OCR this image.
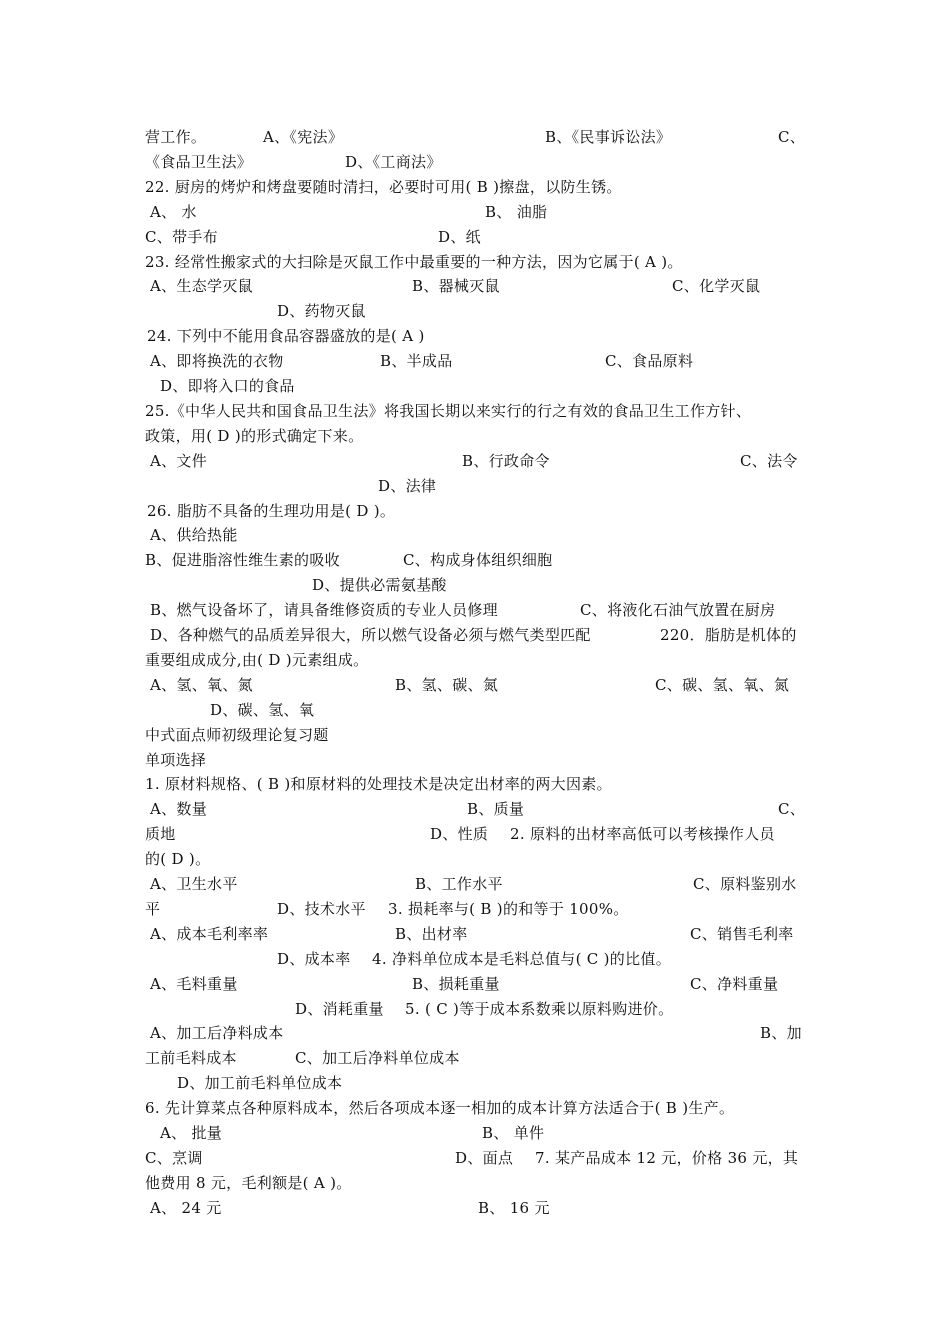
营工作。	A、《宪法》	B、《民事诉讼法》	C、
《食品卫生法》	D、《工商法》
22. 厨房的烤炉和烤盘要随时清扫，必要时可用( B )擦盘，以防生锈。
A、 水	B、 油脂
C、带手布	D、纸
23. 经常性搬家式的大扫除是灭鼠工作中最重要的一种方法，因为它属于( A )。
A、生态学灭鼠	B、器械灭鼠	C、化学灭鼠
D、药物灭鼠
24. 下列中不能用食品容器盛放的是( A )
A、即将换洗的衣物	B、半成品	C、食品原料
D、即将入口的食品
25.《中华人民共和国食品卫生法》将我国长期以来实行的行之有效的食品卫生工作方针、
政策，用( D )的形式确定下来。
A、文件	B、行政命令	C、法令
D、法律
26. 脂肪不具备的生理功用是( D )。
A、供给热能
B、促进脂溶性维生素的吸收	C、构成身体组织细胞
D、提供必需氨基酸
B、燃气设备坏了，请具备维修资质的专业人员修理	C、将液化石油气放置在厨房
D、各种燃气的品质差异很大，所以燃气设备必须与燃气类型匹配	220．脂肪是机体的
重要组成成分,由( D )元素组成。
A、氢、氧、氮	B、氢、碳、氮	C、碳、氢、氧、氮
D、碳、氢、氧
中式面点师初级理论复习题
单项选择
1. 原材料规格、( B )和原材料的处理技术是决定出材率的两大因素。
A、数量	B、质量	C、
质地	D、性质 2. 原料的出材率高低可以考核操作人员
的( D )。
A、卫生水平	B、工作水平	C、原料鉴别水
平	D、技术水平 3. 损耗率与( B )的和等于 100%。
A、成本毛利率率	B、出材率	C、销售毛利率
D、成本率 4. 净料单位成本是毛料总值与( C )的比值。
A、毛料重量	B、损耗重量	C、净料重量
D、消耗重量 5. ( C )等于成本系数乘以原料购进价。
A、加工后净料成本	B、加
工前毛料成本	C、加工后净料单位成本
D、加工前毛料单位成本
6. 先计算菜点各种原料成本，然后各项成本逐一相加的成本计算方法适合于( B )生产。
A、 批量	B、 单件
C、烹调	D、面点 7. 某产品成本 12 元，价格 36 元，其
他费用 8 元，毛利额是( A )。
A、 24 元	B、 16 元
